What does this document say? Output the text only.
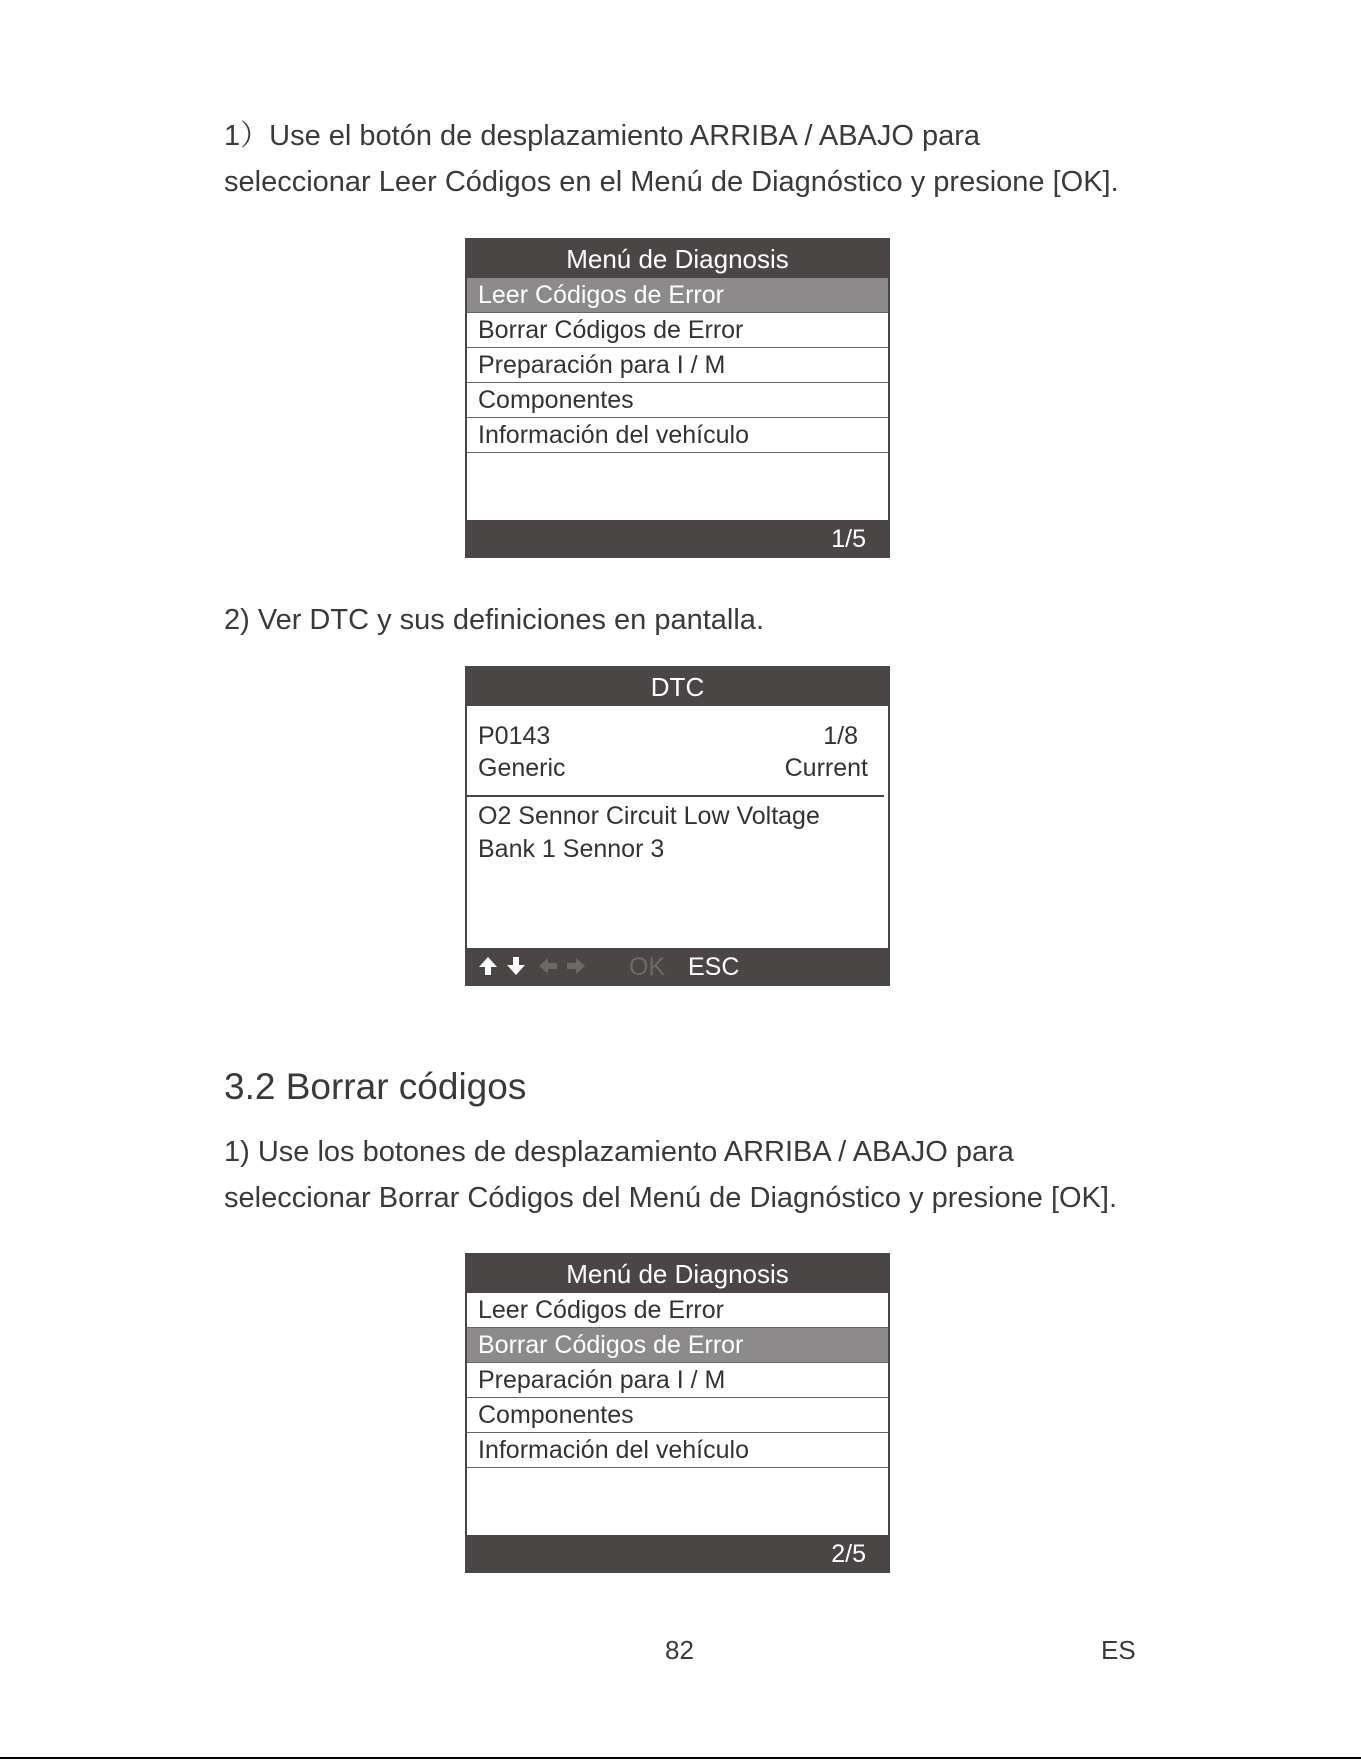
1）Use el botón de desplazamiento ARRIBA / ABAJO para
seleccionar Leer Códigos en el Menú de Diagnóstico y presione [OK].

Menú de Diagnosis
Leer Códigos de Error
Borrar Códigos de Error
Preparación para I / M
Componentes
Información del vehículo
1/5

2) Ver DTC y sus definiciones en pantalla.

DTC
P0143	1/8
Generic	Current
O2 Sennor Circuit Low Voltage
Bank 1 Sennor 3
OK ESC
3.2 Borrar códigos

1) Use los botones de desplazamiento ARRIBA / ABAJO para
seleccionar Borrar Códigos del Menú de Diagnóstico y presione [OK].

Menú de Diagnosis
Leer Códigos de Error
Borrar Códigos de Error
Preparación para I / M
Componentes
Información del vehículo
2/5
82	ES
